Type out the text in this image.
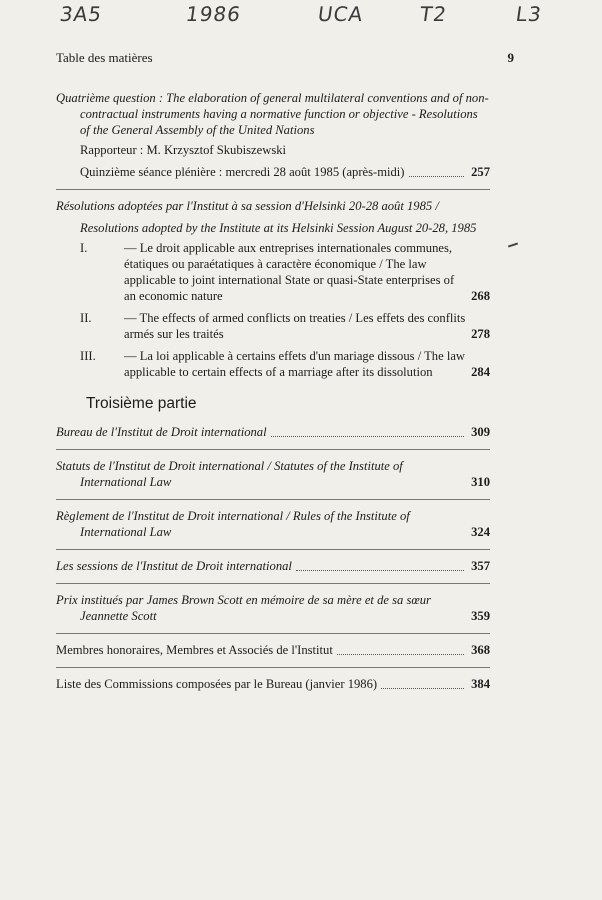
3A5	1986	UCA	T2	L3
Table des matières	9

Quatrième question : The elaboration of general multilateral conventions and of non-contractual instruments having a normative function or objective - Resolutions of the General Assembly of the United Nations

Rapporteur : M. Krzysztof Skubiszewski

Quinzième séance plénière : mercredi 28 août 1985 (après-midi)	257

Résolutions adoptées par l'Institut à sa session d'Helsinki 20-28 août 1985 /

Resolutions adopted by the Institute at its Helsinki Session August 20-28, 1985

I.	— Le droit applicable aux entreprises internationales communes, étatiques ou paraétatiques à caractère économique / The law applicable to joint international State or quasi-State enterprises of an economic nature	268
II.	— The effects of armed conflicts on treaties / Les effets des conflits armés sur les traités	278
III.	— La loi applicable à certains effets d'un mariage dissous / The law applicable to certain effects of a marriage after its dissolution	284
Troisième partie
Bureau de l'Institut de Droit international	309
Statuts de l'Institut de Droit international / Statutes of the Institute of International Law	310
Règlement de l'Institut de Droit international / Rules of the Institute of International Law	324
Les sessions de l'Institut de Droit international	357
Prix institués par James Brown Scott en mémoire de sa mère et de sa sœur Jeannette Scott	359
Membres honoraires, Membres et Associés de l'Institut	368
Liste des Commissions composées par le Bureau (janvier 1986)	384
